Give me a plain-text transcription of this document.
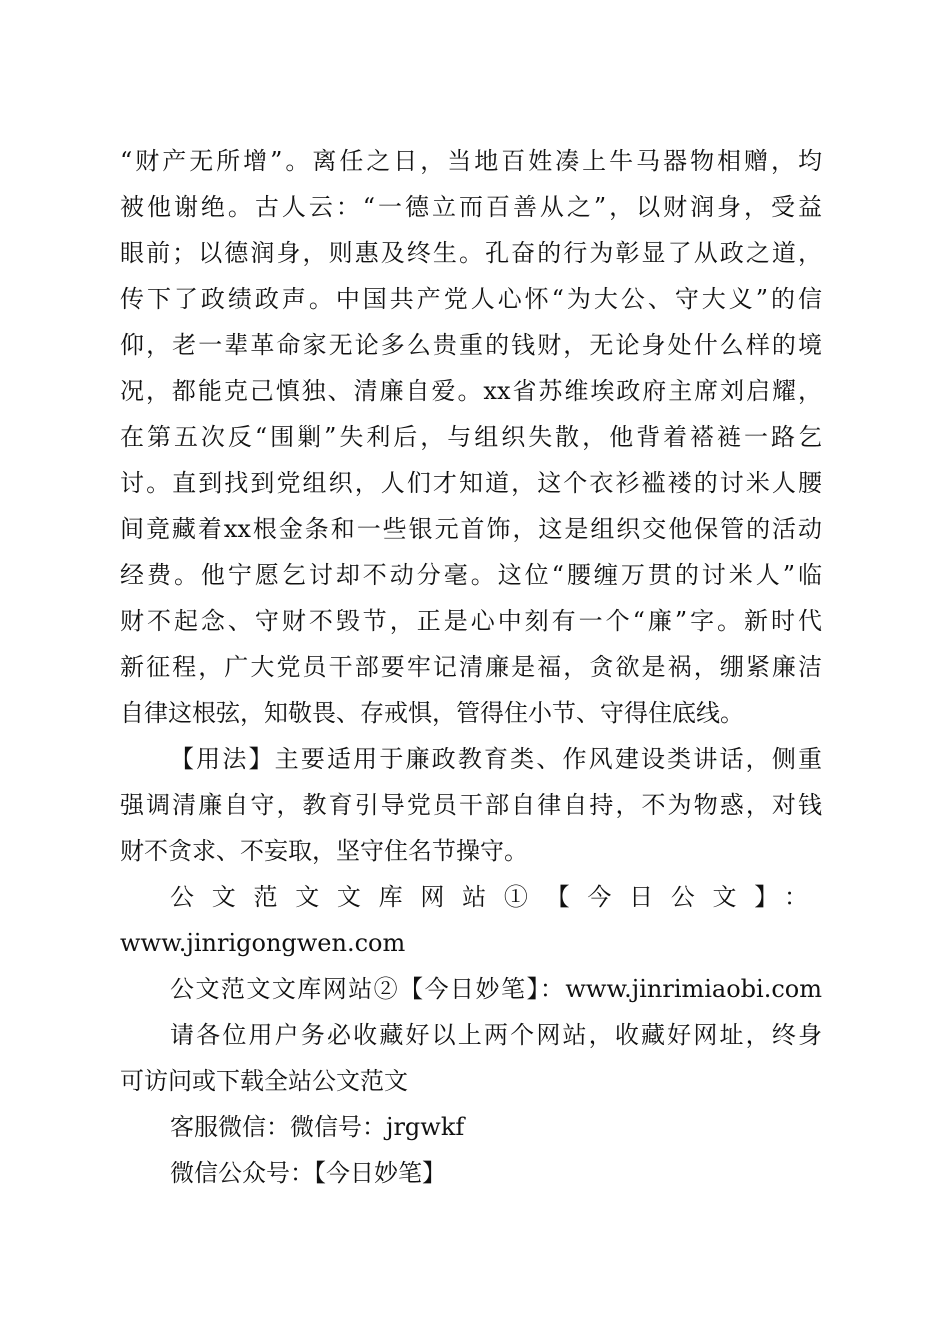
“财产无所增”。离任之日，当地百姓凑上牛马器物相赠，均
被他谢绝。古人云：“一德立而百善从之”，以财润身，受益
眼前；以德润身，则惠及终生。孔奋的行为彰显了从政之道，
传下了政绩政声。中国共产党人心怀“为大公、守大义”的信
仰，老一辈革命家无论多么贵重的钱财，无论身处什么样的境
况，都能克己慎独、清廉自爱。xx省苏维埃政府主席刘启耀，
在第五次反“围剿”失利后，与组织失散，他背着褡裢一路乞
讨。直到找到党组织，人们才知道，这个衣衫褴褛的讨米人腰
间竟藏着xx根金条和一些银元首饰，这是组织交他保管的活动
经费。他宁愿乞讨却不动分毫。这位“腰缠万贯的讨米人”临
财不起念、守财不毁节，正是心中刻有一个“廉”字。新时代
新征程，广大党员干部要牢记清廉是福，贪欲是祸，绷紧廉洁
自律这根弦，知敬畏、存戒惧，管得住小节、守得住底线。
【用法】主要适用于廉政教育类、作风建设类讲话，侧重
强调清廉自守，教育引导党员干部自律自持，不为物惑，对钱
财不贪求、不妄取，坚守住名节操守。
公文范文文库网站①【今日公文】：
www.jinrigongwen.com
公文范文文库网站②【今日妙笔】：www.jinrimiaobi.com
请各位用户务必收藏好以上两个网站，收藏好网址，终身
可访问或下载全站公文范文
客服微信：微信号：jrgwkf
微信公众号：【今日妙笔】
